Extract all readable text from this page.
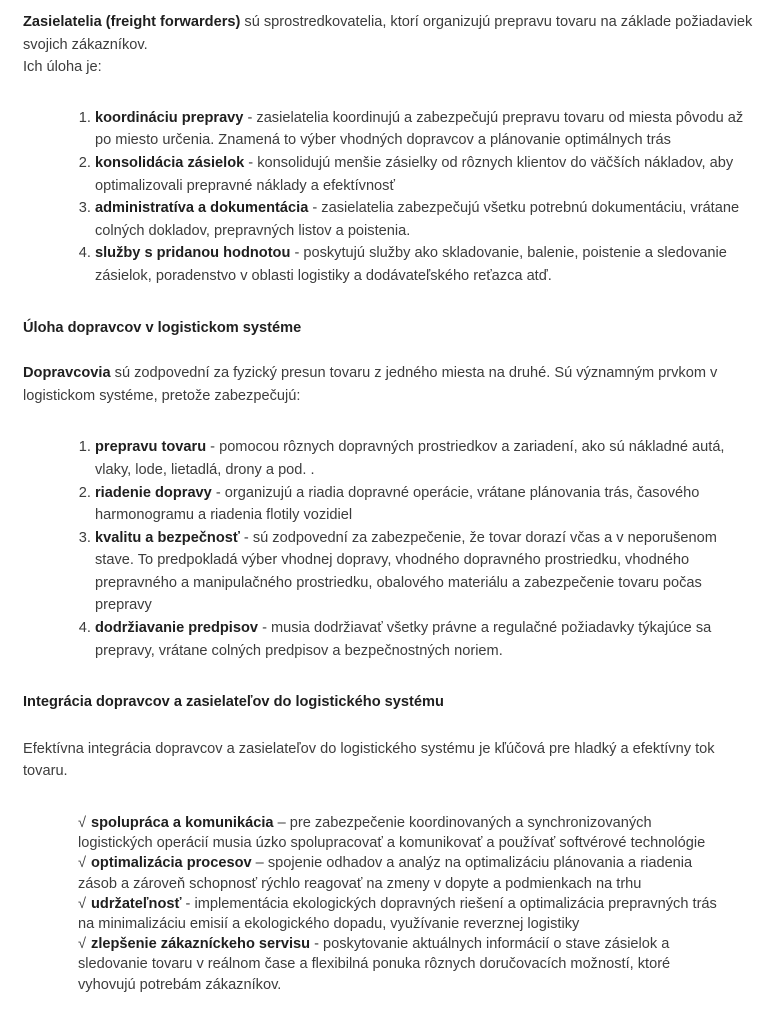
Zasielatelia (freight forwarders) sú sprostredkovatelia, ktorí organizujú prepravu tovaru na základe požiadaviek svojich zákazníkov.
Ich úloha je:

1. koordináciu prepravy - zasielatelia koordinujú a zabezpečujú prepravu tovaru od miesta pôvodu až po miesto určenia. Znamená to výber vhodných dopravcov a plánovanie optimálnych trás
2. konsolidácia zásielok - konsolidujú menšie zásielky od rôznych klientov do väčších nákladov, aby optimalizovali prepravné náklady a efektívnosť
3. administratíva a dokumentácia - zasielatelia zabezpečujú všetku potrebnú dokumentáciu, vrátane colných dokladov, prepravných listov a poistenia.
4. služby s pridanou hodnotou - poskytujú služby ako skladovanie, balenie, poistenie a sledovanie zásielok, poradenstvo v oblasti logistiky a dodávateľského reťazca atď.

Úloha dopravcov v logistickom systéme

Dopravcovia sú zodpovední za fyzický presun tovaru z jedného miesta na druhé. Sú významným prvkom v logistickom systéme, pretože zabezpečujú:

1. prepravu tovaru - pomocou rôznych dopravných prostriedkov a zariadení, ako sú nákladné autá, vlaky, lode, lietadlá, drony a pod. .
2. riadenie dopravy - organizujú a riadia dopravné operácie, vrátane plánovania trás, časového harmonogramu a riadenia flotily vozidiel
3. kvalitu a bezpečnosť - sú zodpovední za zabezpečenie, že tovar dorazí včas a v neporušenom stave. To predpokladá výber vhodnej dopravy, vhodného dopravného prostriedku, vhodného prepravného a manipulačného prostriedku, obalového materiálu a zabezpečenie tovaru počas prepravy
4. dodržiavanie predpisov - musia dodržiavať všetky právne a regulačné požiadavky týkajúce sa prepravy, vrátane colných predpisov a bezpečnostných noriem.

Integrácia dopravcov a zasielateľov do logistického systému

Efektívna integrácia dopravcov a zasielateľov do logistického systému je kľúčová pre hladký a efektívny tok tovaru.

√ spolupráca a komunikácia – pre zabezpečenie koordinovaných a synchronizovaných logistických operácií musia úzko spolupracovať a komunikovať a používať softvérové technológie
√ optimalizácia procesov – spojenie odhadov a analýz na optimalizáciu plánovania a riadenia zásob a zároveň schopnosť rýchlo reagovať na zmeny v dopyte a podmienkach na trhu
√ udržateľnosť - implementácia ekologických dopravných riešení a optimalizácia prepravných trás na minimalizáciu emisií a ekologického dopadu, využívanie reverznej logistiky
√ zlepšenie zákazníckeho servisu - poskytovanie aktuálnych informácií o stave zásielok a sledovanie tovaru v reálnom čase a flexibilná ponuka rôznych doručovacích možností, ktoré vyhovujú potrebám zákazníkov.
